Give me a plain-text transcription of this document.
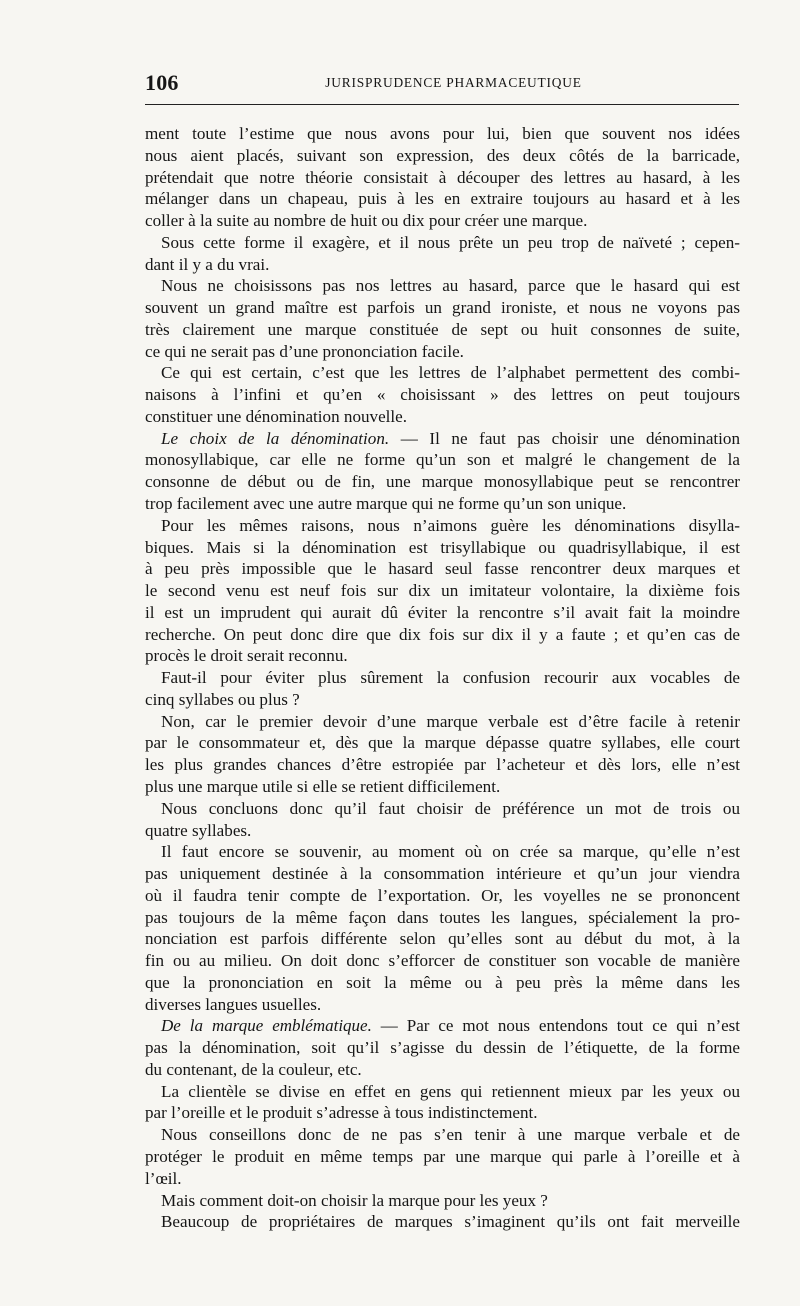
106	JURISPRUDENCE PHARMACEUTIQUE
ment toute l’estime que nous avons pour lui, bien que souvent nos idées
nous aient placés, suivant son expression, des deux côtés de la barricade,
prétendait que notre théorie consistait à découper des lettres au hasard, à les
mélanger dans un chapeau, puis à les en extraire toujours au hasard et à les
coller à la suite au nombre de huit ou dix pour créer une marque.
Sous cette forme il exagère, et il nous prête un peu trop de naïveté ; cepen-
dant il y a du vrai.
Nous ne choisissons pas nos lettres au hasard, parce que le hasard qui est
souvent un grand maître est parfois un grand ironiste, et nous ne voyons pas
très clairement une marque constituée de sept ou huit consonnes de suite,
ce qui ne serait pas d’une prononciation facile.
Ce qui est certain, c’est que les lettres de l’alphabet permettent des combi-
naisons à l’infini et qu’en « choisissant » des lettres on peut toujours
constituer une dénomination nouvelle.
Le choix de la dénomination. — Il ne faut pas choisir une dénomination
monosyllabique, car elle ne forme qu’un son et malgré le changement de la
consonne de début ou de fin, une marque monosyllabique peut se rencontrer
trop facilement avec une autre marque qui ne forme qu’un son unique.
Pour les mêmes raisons, nous n’aimons guère les dénominations disylla-
biques. Mais si la dénomination est trisyllabique ou quadrisyllabique, il est
à peu près impossible que le hasard seul fasse rencontrer deux marques et
le second venu est neuf fois sur dix un imitateur volontaire, la dixième fois
il est un imprudent qui aurait dû éviter la rencontre s’il avait fait la moindre
recherche. On peut donc dire que dix fois sur dix il y a faute ; et qu’en cas de
procès le droit serait reconnu.
Faut-il pour éviter plus sûrement la confusion recourir aux vocables de
cinq syllabes ou plus ?
Non, car le premier devoir d’une marque verbale est d’être facile à retenir
par le consommateur et, dès que la marque dépasse quatre syllabes, elle court
les plus grandes chances d’être estropiée par l’acheteur et dès lors, elle n’est
plus une marque utile si elle se retient difficilement.
Nous concluons donc qu’il faut choisir de préférence un mot de trois ou
quatre syllabes.
Il faut encore se souvenir, au moment où on crée sa marque, qu’elle n’est
pas uniquement destinée à la consommation intérieure et qu’un jour viendra
où il faudra tenir compte de l’exportation. Or, les voyelles ne se prononcent
pas toujours de la même façon dans toutes les langues, spécialement la pro-
nonciation est parfois différente selon qu’elles sont au début du mot, à la
fin ou au milieu. On doit donc s’efforcer de constituer son vocable de manière
que la prononciation en soit la même ou à peu près la même dans les
diverses langues usuelles.
De la marque emblématique. — Par ce mot nous entendons tout ce qui n’est
pas la dénomination, soit qu’il s’agisse du dessin de l’étiquette, de la forme
du contenant, de la couleur, etc.
La clientèle se divise en effet en gens qui retiennent mieux par les yeux ou
par l’oreille et le produit s’adresse à tous indistinctement.
Nous conseillons donc de ne pas s’en tenir à une marque verbale et de
protéger le produit en même temps par une marque qui parle à l’oreille et à
l’œil.
Mais comment doit-on choisir la marque pour les yeux ?
Beaucoup de propriétaires de marques s’imaginent qu’ils ont fait merveille
